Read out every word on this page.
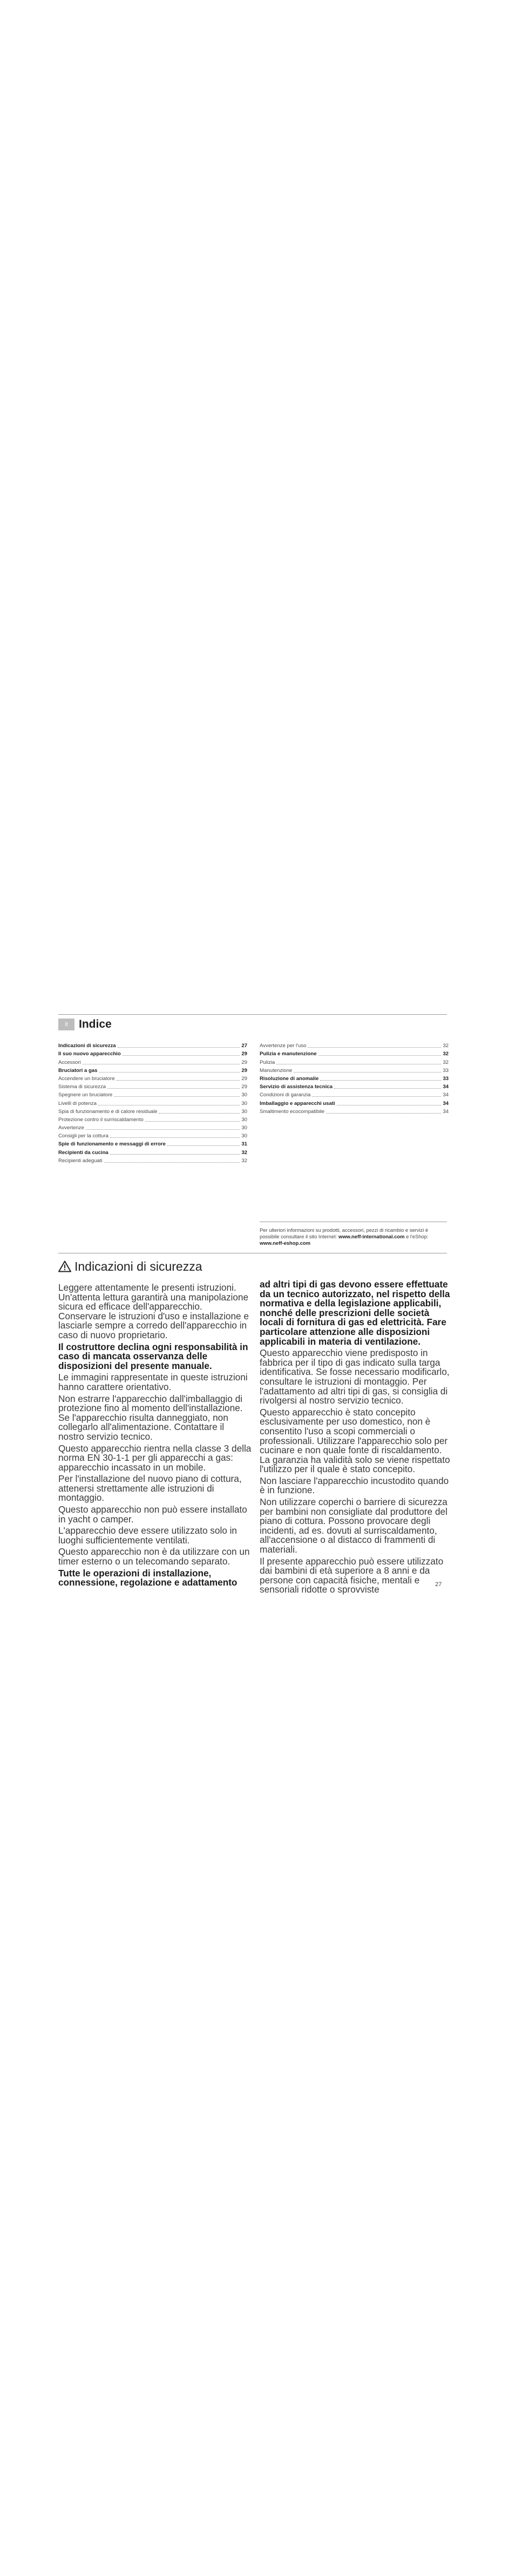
it Indice
Indicazioni di sicurezza	27
Il suo nuovo apparecchio	29
Accessori	29
Bruciatori a gas	29
Accendere un bruciatore	29
Sistema di sicurezza	29
Spegnere un bruciatore	30
Livelli di potenza	30
Spia di funzionamento e di calore residuale	30
Protezione contro il surriscaldamento	30
Avvertenze	30
Consigli per la cottura	30
Spie di funzionamento e messaggi di errore	31
Recipienti da cucina	32
Recipienti adeguati	32
Avvertenze per l'uso	32
Pulizia e manutenzione	32
Pulizia	32
Manutenzione	33
Risoluzione di anomalie	33
Servizio di assistenza tecnica	34
Condizioni di garanzia	34
Imballaggio e apparecchi usati	34
Smaltimento ecocompatibile	34
Per ulteriori informazioni su prodotti, accessori, pezzi di ricambio e servizi è possibile consultare il sito Internet: www.neff-international.com e l'eShop: www.neff-eshop.com
Indicazioni di sicurezza

Leggere attentamente le presenti istruzioni. Un'attenta lettura garantirà una manipolazione sicura ed efficace dell'apparecchio. Conservare le istruzioni d'uso e installazione e lasciarle sempre a corredo dell'apparecchio in caso di nuovo proprietario.

Il costruttore declina ogni responsabilità in caso di mancata osservanza delle disposizioni del presente manuale.

Le immagini rappresentate in queste istruzioni hanno carattere orientativo.

Non estrarre l'apparecchio dall'imballaggio di protezione fino al momento dell'installazione. Se l'apparecchio risulta danneggiato, non collegarlo all'alimentazione. Contattare il nostro servizio tecnico.

Questo apparecchio rientra nella classe 3 della norma EN 30-1-1 per gli apparecchi a gas: apparecchio incassato in un mobile.

Per l'installazione del nuovo piano di cottura, attenersi strettamente alle istruzioni di montaggio.

Questo apparecchio non può essere installato in yacht o camper.

L'apparecchio deve essere utilizzato solo in luoghi sufficientemente ventilati.

Questo apparecchio non è da utilizzare con un timer esterno o un telecomando separato.

Tutte le operazioni di installazione, connessione, regolazione e adattamento

ad altri tipi di gas devono essere effettuate da un tecnico autorizzato, nel rispetto della normativa e della legislazione applicabili, nonché delle prescrizioni delle società locali di fornitura di gas ed elettricità. Fare particolare attenzione alle disposizioni applicabili in materia di ventilazione.

Questo apparecchio viene predisposto in fabbrica per il tipo di gas indicato sulla targa identificativa. Se fosse necessario modificarlo, consultare le istruzioni di montaggio. Per l'adattamento ad altri tipi di gas, si consiglia di rivolgersi al nostro servizio tecnico.

Questo apparecchio è stato concepito esclusivamente per uso domestico, non è consentito l'uso a scopi commerciali o professionali. Utilizzare l'apparecchio solo per cucinare e non quale fonte di riscaldamento. La garanzia ha validità solo se viene rispettato l'utilizzo per il quale è stato concepito.

Non lasciare l'apparecchio incustodito quando è in funzione.

Non utilizzare coperchi o barriere di sicurezza per bambini non consigliate dal produttore del piano di cottura. Possono provocare degli incidenti, ad es. dovuti al surriscaldamento, all'accensione o al distacco di frammenti di materiali.

Il presente apparecchio può essere utilizzato dai bambini di età superiore a 8 anni e da persone con capacità fisiche, mentali e sensoriali ridotte o sprovviste	27
